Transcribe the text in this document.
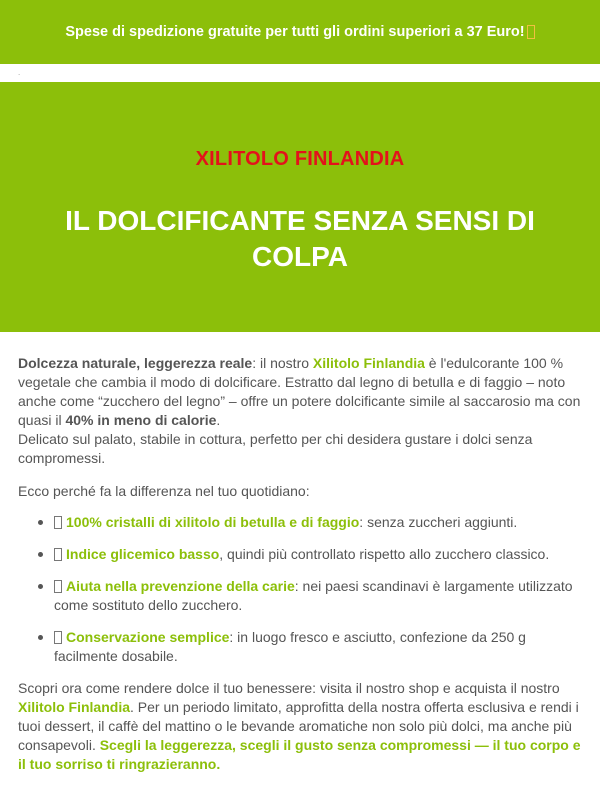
Spese di spedizione gratuite per tutti gli ordini superiori a 37 Euro!
.
XILITOLO FINLANDIA
IL DOLCIFICANTE SENZA SENSI DI COLPA

Dolcezza naturale, leggerezza reale: il nostro Xilitolo Finlandia è l'edulcorante 100 % vegetale che cambia il modo di dolcificare. Estratto dal legno di betulla e di faggio – noto anche come “zucchero del legno” – offre un potere dolcificante simile al saccarosio ma con quasi il 40% in meno di calorie.
Delicato sul palato, stabile in cottura, perfetto per chi desidera gustare i dolci senza compromessi.

Ecco perché fa la differenza nel tuo quotidiano:

100% cristalli di xilitolo di betulla e di faggio: senza zuccheri aggiunti.
Indice glicemico basso, quindi più controllato rispetto allo zucchero classico.
Aiuta nella prevenzione della carie: nei paesi scandinavi è largamente utilizzato come sostituto dello zucchero.
Conservazione semplice: in luogo fresco e asciutto, confezione da 250 g facilmente dosabile.

Scopri ora come rendere dolce il tuo benessere: visita il nostro shop e acquista il nostro Xilitolo Finlandia. Per un periodo limitato, approfitta della nostra offerta esclusiva e rendi i tuoi dessert, il caffè del mattino o le bevande aromatiche non solo più dolci, ma anche più consapevoli. Scegli la leggerezza, scegli il gusto senza compromessi — il tuo corpo e il tuo sorriso ti ringrazieranno.
